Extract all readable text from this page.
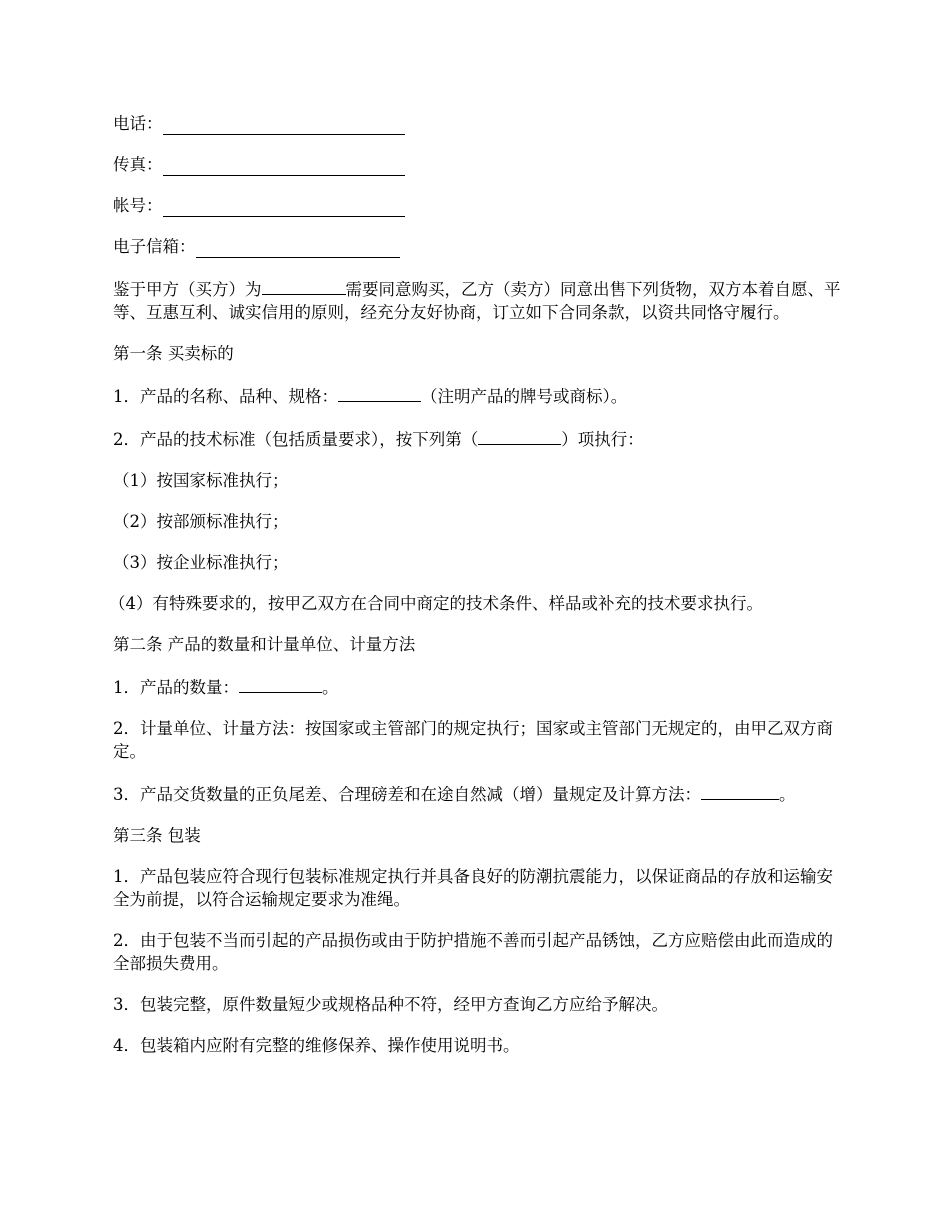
电话：
传真：
帐号：
电子信箱：

鉴于甲方（买方）为	需要同意购买，乙方（卖方）同意出售下列货物，双方本着自愿、平等、互惠互利、诚实信用的原则，经充分友好协商，订立如下合同条款，以资共同恪守履行。

第一条 买卖标的

1．产品的名称、品种、规格：	（注明产品的牌号或商标）。

2．产品的技术标准（包括质量要求），按下列第（	）项执行：

（1）按国家标准执行；

（2）按部颁标准执行；

（3）按企业标准执行；

（4）有特殊要求的，按甲乙双方在合同中商定的技术条件、样品或补充的技术要求执行。

第二条 产品的数量和计量单位、计量方法

1．产品的数量：	。

2．计量单位、计量方法：按国家或主管部门的规定执行；国家或主管部门无规定的，由甲乙双方商定。

3．产品交货数量的正负尾差、合理磅差和在途自然减（增）量规定及计算方法：	。

第三条 包装

1．产品包装应符合现行包装标准规定执行并具备良好的防潮抗震能力，以保证商品的存放和运输安全为前提，以符合运输规定要求为准绳。

2．由于包装不当而引起的产品损伤或由于防护措施不善而引起产品锈蚀，乙方应赔偿由此而造成的全部损失费用。

3．包装完整，原件数量短少或规格品种不符，经甲方查询乙方应给予解决。

4．包装箱内应附有完整的维修保养、操作使用说明书。
